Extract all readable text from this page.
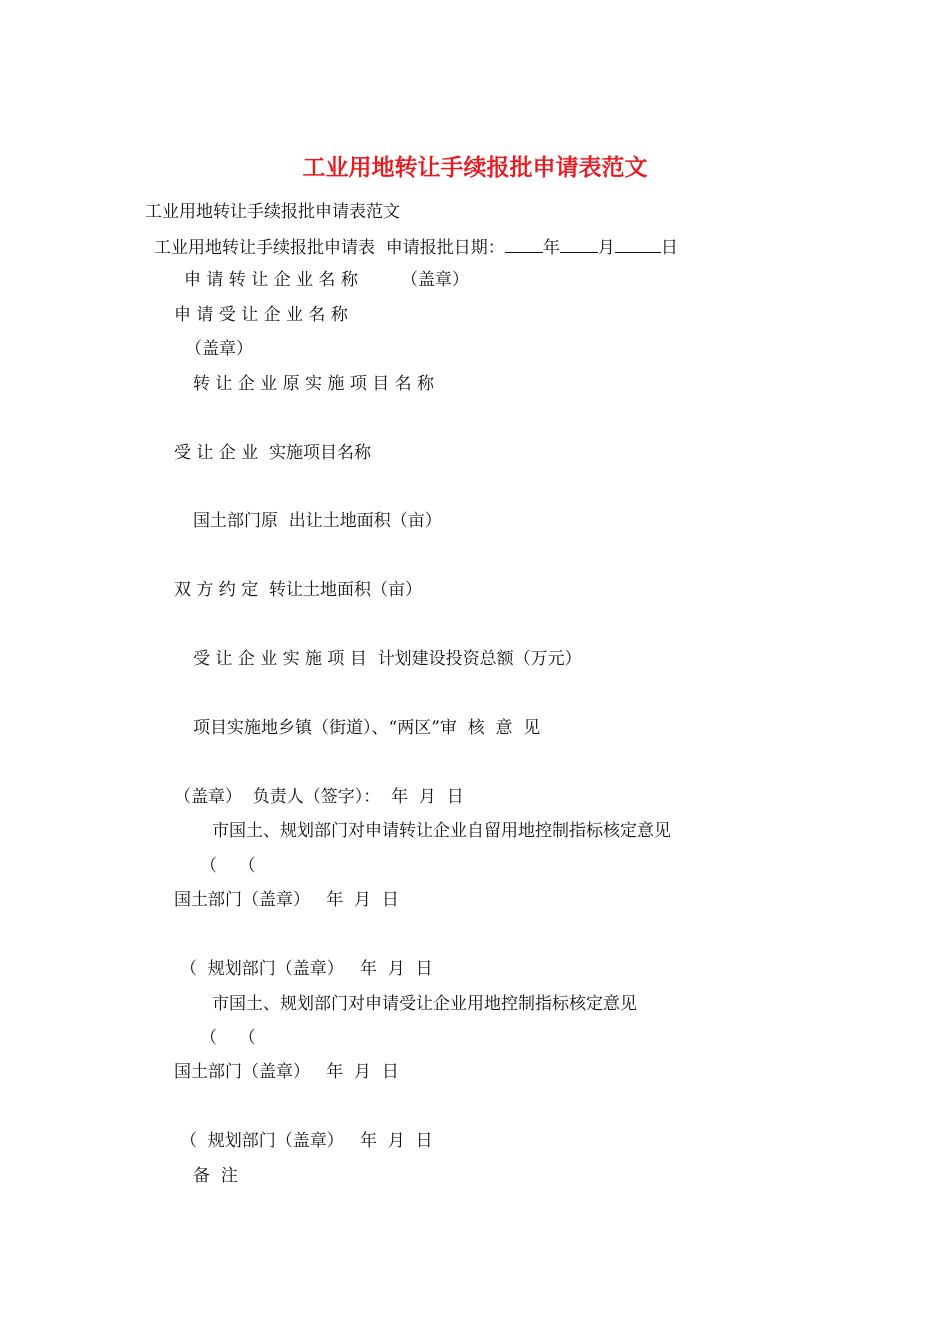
工业用地转让手续报批申请表范文
工业用地转让手续报批申请表范文
工业用地转让手续报批申请表  申请报批日期： 年 月	日
申 请 转 让 企 业 名 称        （盖章）
申 请 受 让 企 业 名 称
（盖章）
转 让 企 业 原 实 施 项 目 名 称
受 让 企 业  实施项目名称
国土部门原  出让土地面积（亩）
双 方 约 定  转让土地面积（亩）
受 让 企 业 实 施 项 目  计划建设投资总额（万元）
项目实施地乡镇（街道）、“两区”审  核  意  见
（盖章）  负责人（签字）：  年  月  日
市国土、规划部门对申请转让企业自留用地控制指标核定意见
（    （
国土部门（盖章）   年  月  日
（  规划部门（盖章）   年  月  日
市国土、规划部门对申请受让企业用地控制指标核定意见
（    （
国土部门（盖章）   年  月  日
（  规划部门（盖章）   年  月  日
备  注
